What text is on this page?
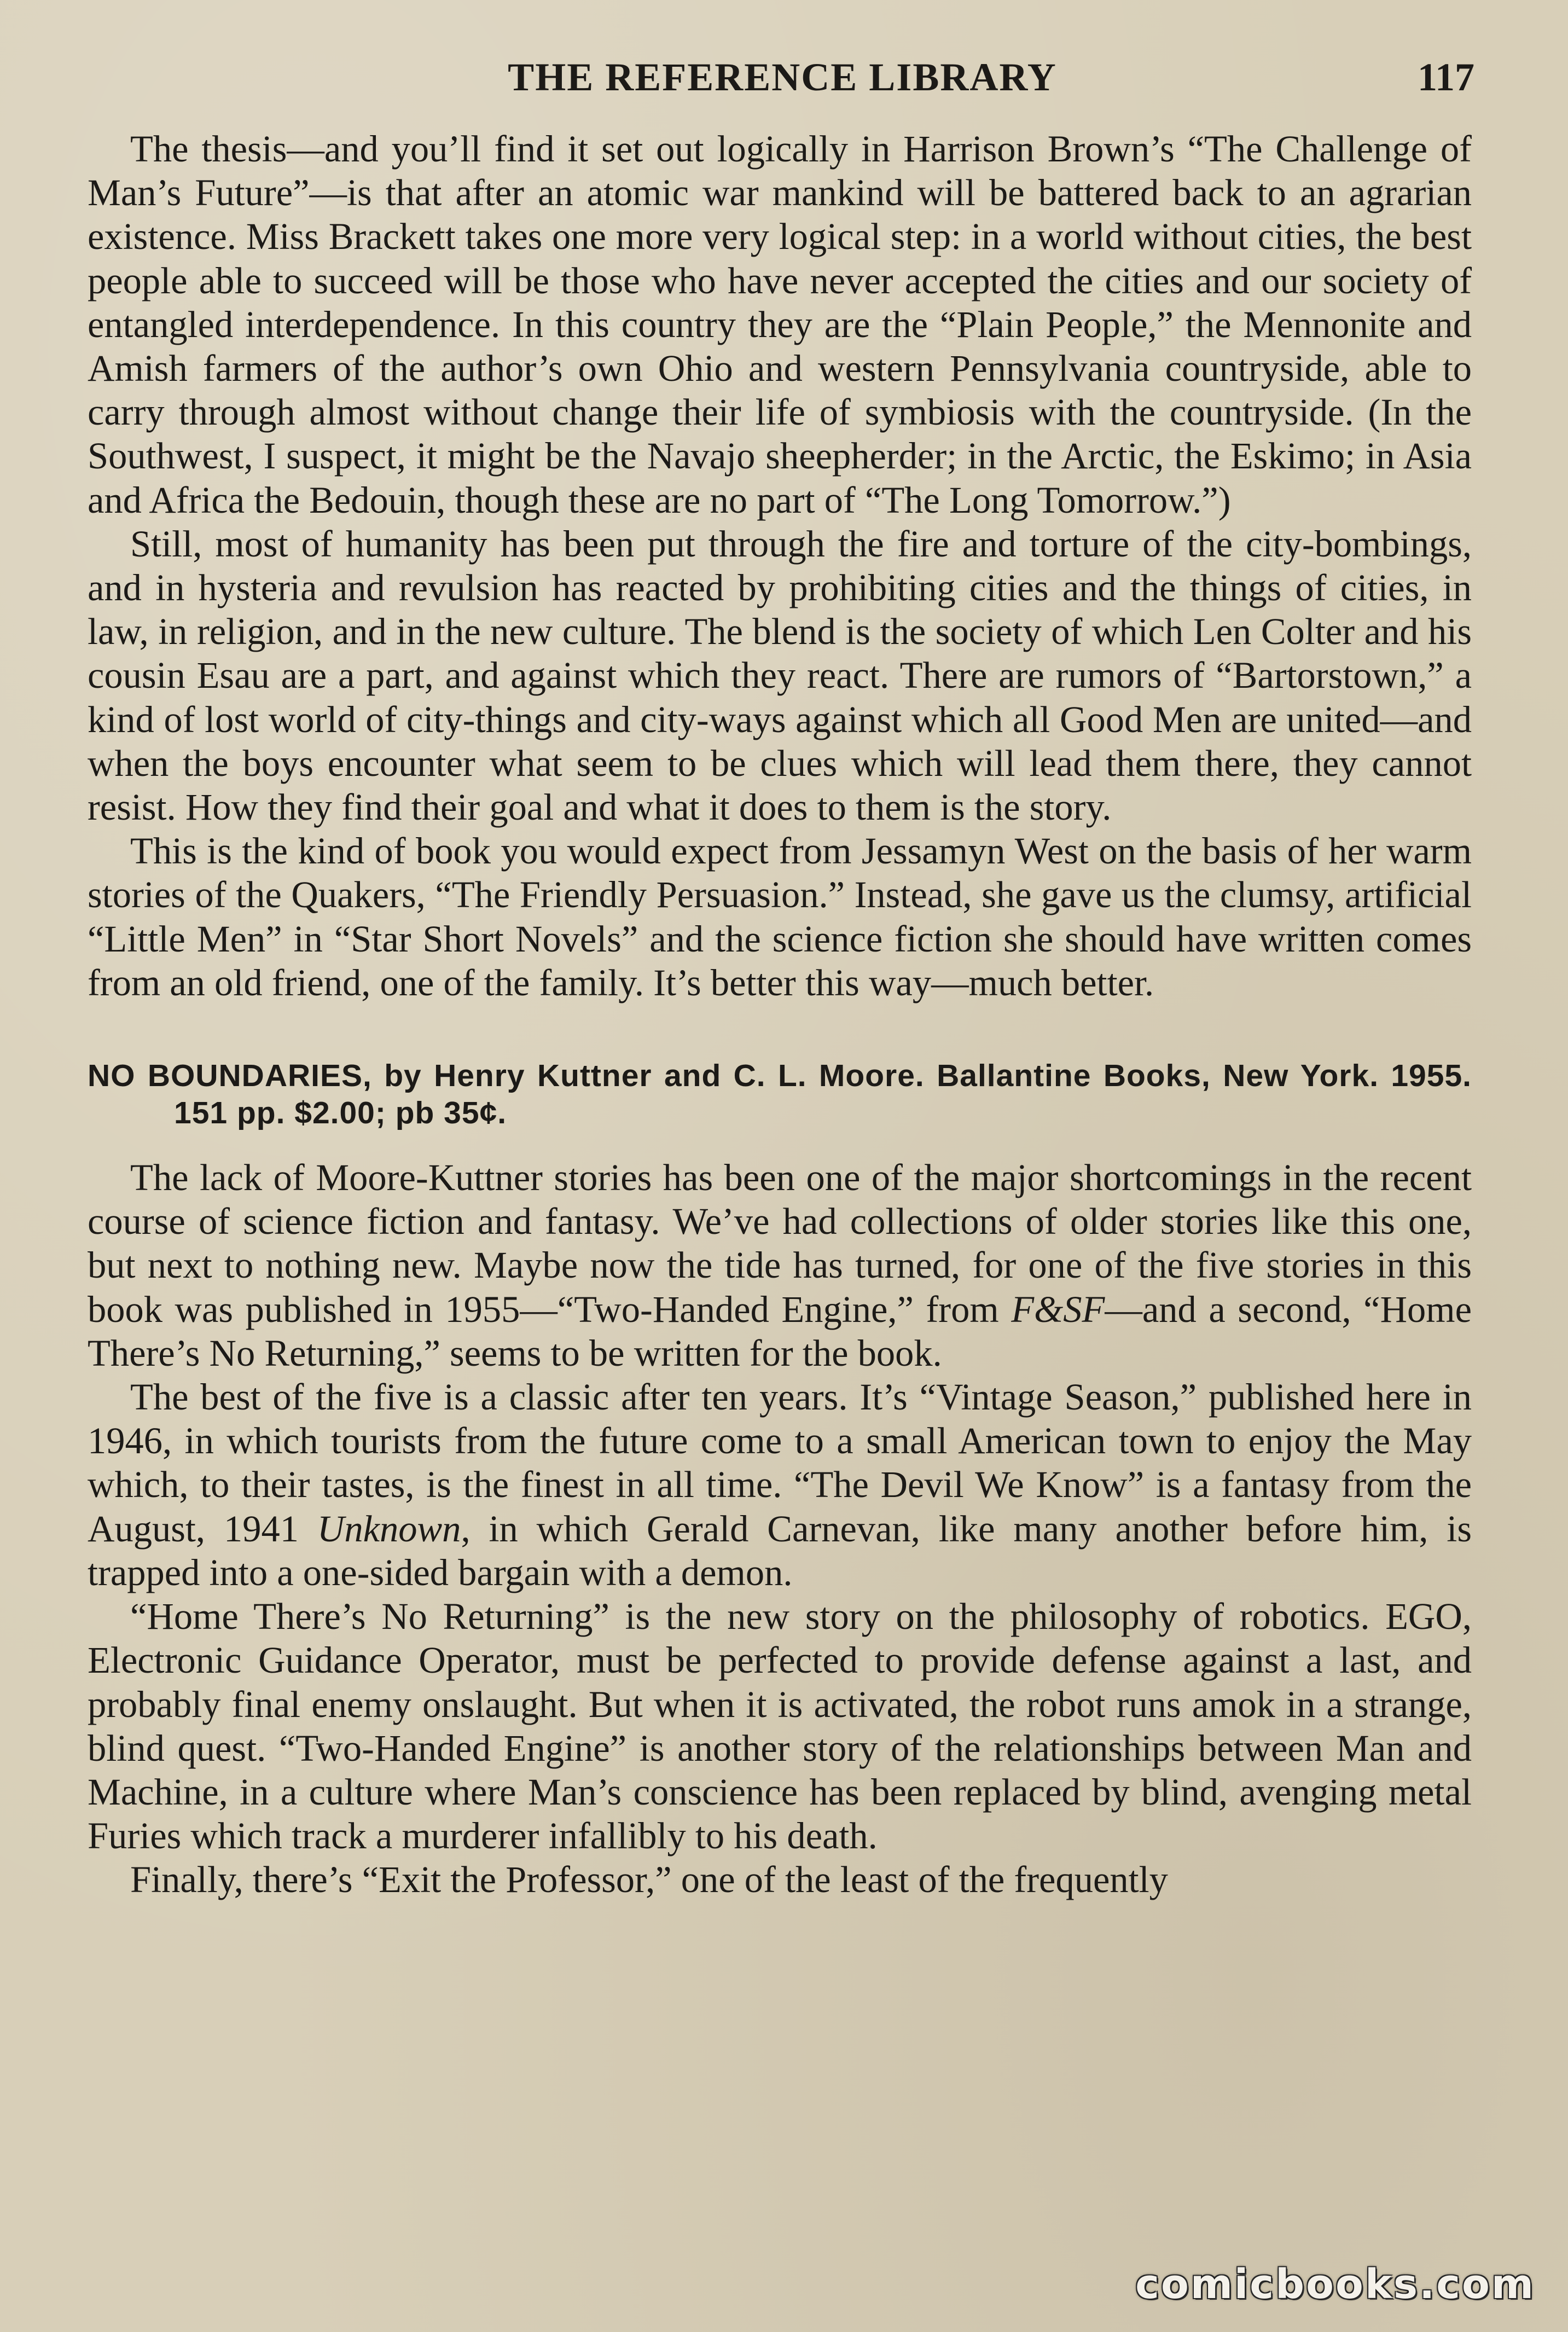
THE REFERENCE LIBRARY	117

The thesis—and you’ll find it set out logically in Harrison Brown’s “The Challenge of Man’s Future”—is that after an atomic war mankind will be battered back to an agrarian existence. Miss Brackett takes one more very logical step: in a world without cities, the best people able to succeed will be those who have never accepted the cities and our society of entangled interdependence. In this country they are the “Plain People,” the Mennonite and Amish farmers of the author’s own Ohio and western Pennsylvania countryside, able to carry through almost without change their life of symbiosis with the countryside. (In the Southwest, I suspect, it might be the Navajo sheepherder; in the Arctic, the Eskimo; in Asia and Africa the Bedouin, though these are no part of “The Long Tomorrow.”)

Still, most of humanity has been put through the fire and torture of the city-bombings, and in hysteria and revulsion has reacted by prohibiting cities and the things of cities, in law, in religion, and in the new culture. The blend is the society of which Len Colter and his cousin Esau are a part, and against which they react. There are rumors of “Bartorstown,” a kind of lost world of city-things and city-ways against which all Good Men are united—and when the boys encounter what seem to be clues which will lead them there, they cannot resist. How they find their goal and what it does to them is the story.

This is the kind of book you would expect from Jessamyn West on the basis of her warm stories of the Quakers, “The Friendly Persuasion.” Instead, she gave us the clumsy, artificial “Little Men” in “Star Short Novels” and the science fiction she should have written comes from an old friend, one of the family. It’s better this way—much better.

NO BOUNDARIES, by Henry Kuttner and C. L. Moore. Ballantine Books, New York. 1955. 151 pp. $2.00; pb 35¢.

The lack of Moore-Kuttner stories has been one of the major shortcomings in the recent course of science fiction and fantasy. We’ve had collections of older stories like this one, but next to nothing new. Maybe now the tide has turned, for one of the five stories in this book was published in 1955—“Two-Handed Engine,” from F&SF—and a second, “Home There’s No Returning,” seems to be written for the book.

The best of the five is a classic after ten years. It’s “Vintage Season,” published here in 1946, in which tourists from the future come to a small American town to enjoy the May which, to their tastes, is the finest in all time. “The Devil We Know” is a fantasy from the August, 1941 Unknown, in which Gerald Carnevan, like many another before him, is trapped into a one-sided bargain with a demon.

“Home There’s No Returning” is the new story on the philosophy of robotics. EGO, Electronic Guidance Operator, must be perfected to provide defense against a last, and probably final enemy onslaught. But when it is activated, the robot runs amok in a strange, blind quest. “Two-Handed Engine” is another story of the relationships between Man and Machine, in a culture where Man’s conscience has been replaced by blind, avenging metal Furies which track a murderer infallibly to his death.

Finally, there’s “Exit the Professor,” one of the least of the frequently

comicbooks.com
